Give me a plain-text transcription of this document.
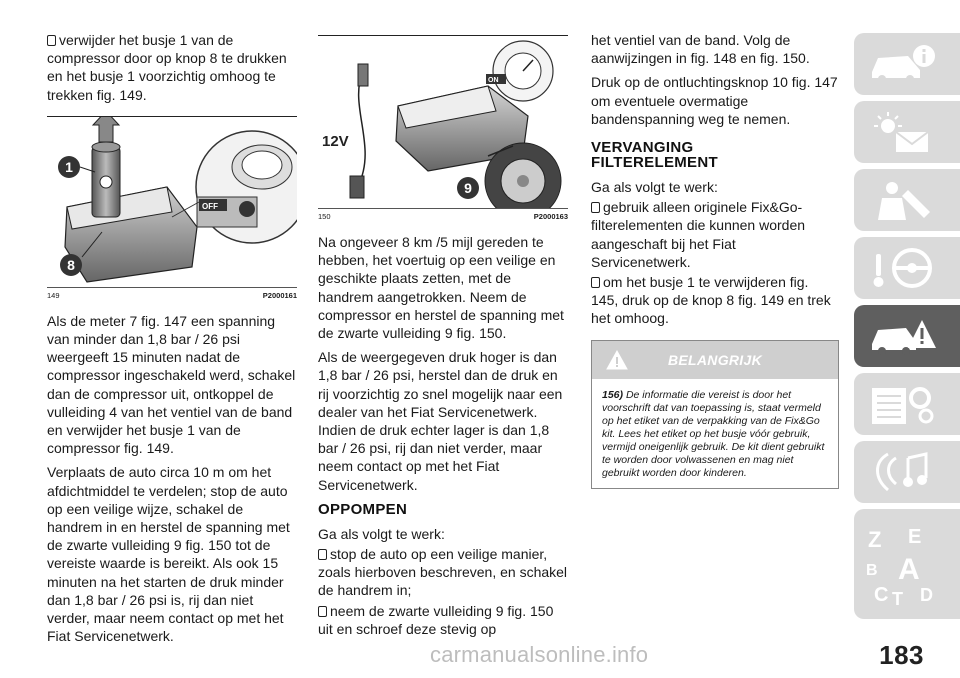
verwijder het busje 1 van de compressor door op knop 8 te drukken en het busje 1 voorzichtig omhoog te trekken fig. 149.

OFF
1
8
149	P2000161

Als de meter 7 fig. 147 een spanning van minder dan 1,8 bar / 26 psi weergeeft 15 minuten nadat de compressor ingeschakeld werd, schakel dan de compressor uit, ontkoppel de vulleiding 4 van het ventiel van de band en verwijder het busje 1 van de compressor fig. 149.

Verplaats de auto circa 10 m om het afdichtmiddel te verdelen; stop de auto op een veilige wijze, schakel de handrem in en herstel de spanning met de zwarte vulleiding 9 fig. 150 tot de vereiste waarde is bereikt. Als ook 15 minuten na het starten de druk minder dan 1,8 bar / 26 psi is, rij dan niet verder, maar neem contact op met het Fiat Servicenetwerk.

ON
12V
9
150	P2000163

Na ongeveer 8 km /5 mijl gereden te hebben, het voertuig op een veilige en geschikte plaats zetten, met de handrem aangetrokken. Neem de compressor en herstel de spanning met de zwarte vulleiding 9 fig. 150.

Als de weergegeven druk hoger is dan 1,8 bar / 26 psi, herstel dan de druk en rij voorzichtig zo snel mogelijk naar een dealer van het Fiat Servicenetwerk. Indien de druk echter lager is dan 1,8 bar / 26 psi, rij dan niet verder, maar neem contact op met het Fiat Servicenetwerk.

OPPOMPEN

Ga als volgt te werk:

stop de auto op een veilige manier, zoals hierboven beschreven, en schakel de handrem in;

neem de zwarte vulleiding 9 fig. 150 uit en schroef deze stevig op

het ventiel van de band. Volg de aanwijzingen in fig. 148 en fig. 150.

Druk op de ontluchtingsknop 10 fig. 147 om eventuele overmatige bandenspanning weg te nemen.

VERVANGING
FILTERELEMENT

Ga als volgt te werk:

gebruik alleen originele Fix&Go-filterelementen die kunnen worden aangeschaft bij het Fiat Servicenetwerk.

om het busje 1 te verwijderen fig. 145, druk op de knop 8 fig. 149 en trek het omhoog.

BELANGRIJK
156) De informatie die vereist is door het voorschrift dat van toepassing is, staat vermeld op het etiket van de verpakking van de Fix&Go kit. Lees het etiket op het busje vóór gebruik, vermijd oneigenlijk gebruik. De kit dient gebruikt te worden door volwassenen en mag niet gebruikt worden door kinderen.
Z E
B A
C T D
carmanualsonline.info	183
